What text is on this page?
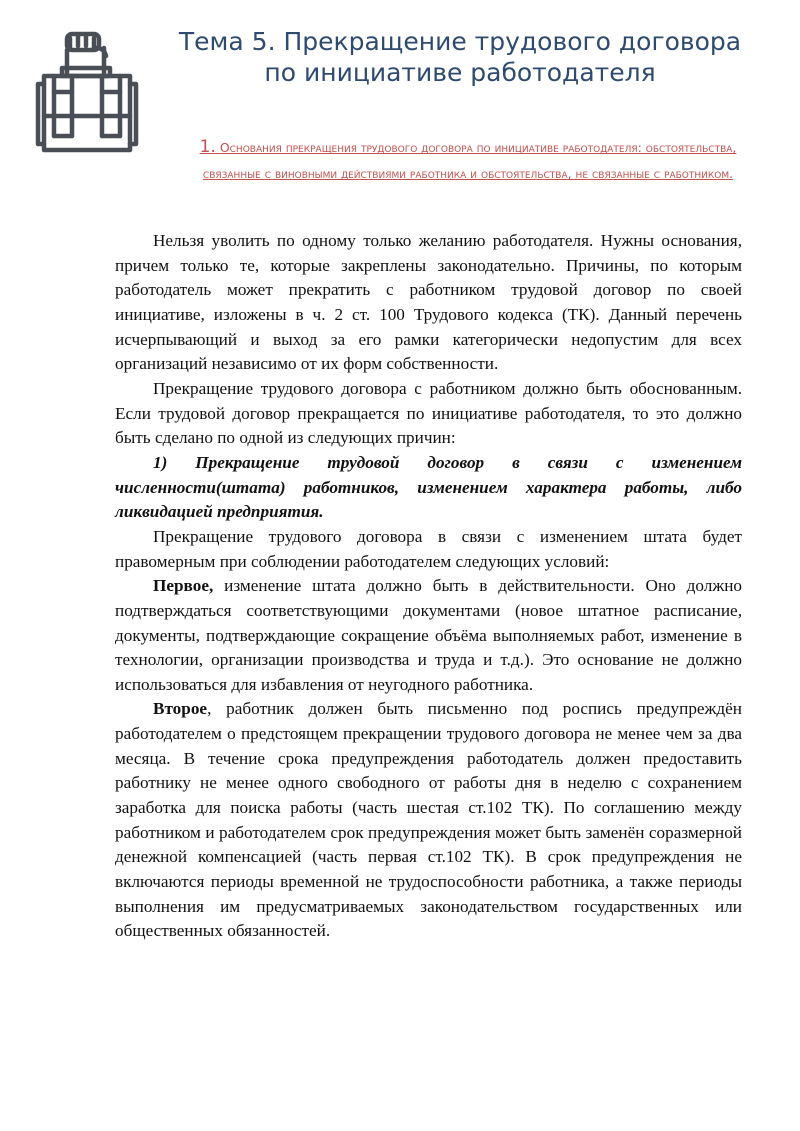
Тема 5. Прекращение трудового договора
по инициативе работодателя
1. Основания прекращения трудового договора по инициативе работодателя: обстоятельства, связанные с виновными действиями работника и обстоятельства, не связанные с работником.

Нельзя уволить по одному только желанию работодателя. Нужны основания, причем только те, которые закреплены законодательно. Причины, по которым работодатель может прекратить с работником трудовой договор по своей инициативе, изложены в ч. 2 ст. 100 Трудового кодекса (ТК). Данный перечень исчерпывающий и выход за его рамки категорически недопустим для всех организаций независимо от их форм собственности.

Прекращение трудового договора с работником должно быть обоснованным. Если трудовой договор прекращается по инициативе работодателя, то это должно быть сделано по одной из следующих причин:

1) Прекращение трудовой договор в связи с изменением численности(штата) работников, изменением характера работы, либо ликвидацией предприятия.

Прекращение трудового договора в связи с изменением штата будет правомерным при соблюдении работодателем следующих условий:

Первое, изменение штата должно быть в действительности. Оно должно подтверждаться соответствующими документами (новое штатное расписание, документы, подтверждающие сокращение объёма выполняемых работ, изменение в технологии, организации производства и труда и т.д.). Это основание не должно использоваться для избавления от неугодного работника.

Второе, работник должен быть письменно под роспись предупреждён работодателем о предстоящем прекращении трудового договора не менее чем за два месяца. В течение срока предупреждения работодатель должен предоставить работнику не менее одного свободного от работы дня в неделю с сохранением заработка для поиска работы (часть шестая ст.102 ТК). По соглашению между работником и работодателем срок предупреждения может быть заменён соразмерной денежной компенсацией (часть первая ст.102 ТК). В срок предупреждения не включаются периоды временной не трудоспособности работника, а также периоды выполнения им предусматриваемых законодательством государственных или общественных обязанностей.
